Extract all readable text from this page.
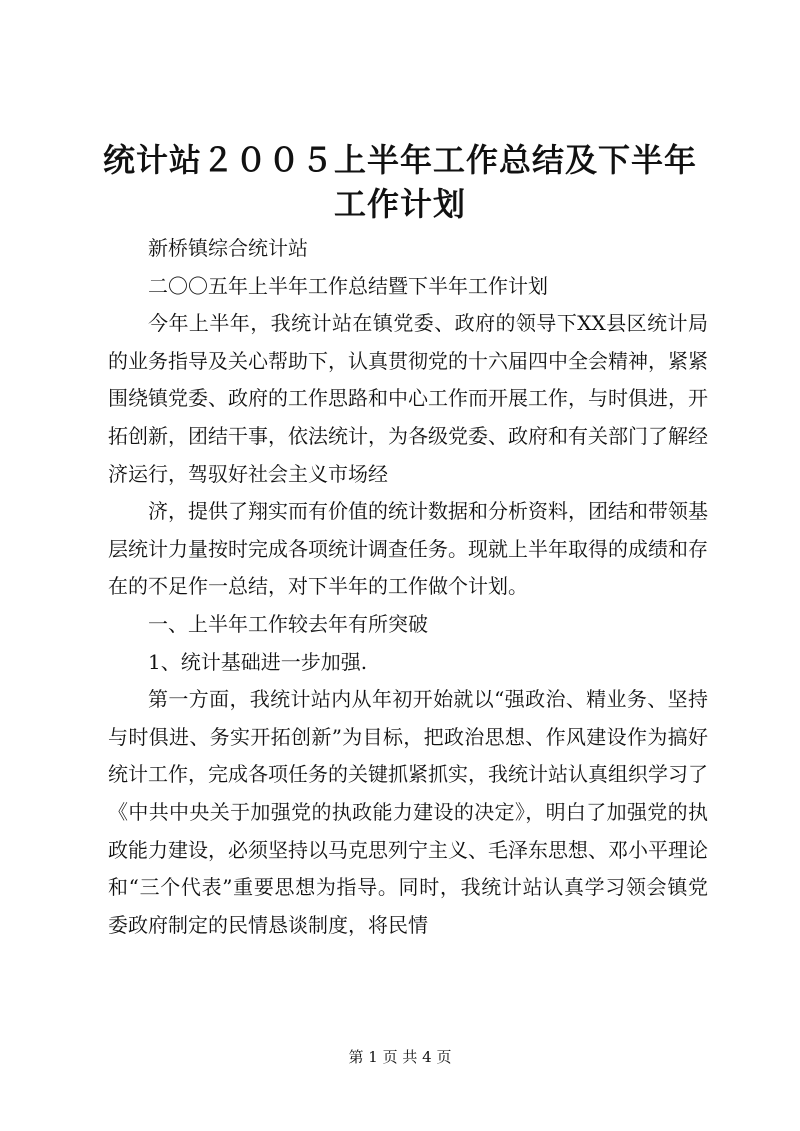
统计站２００５上半年工作总结及下半年工作计划

新桥镇综合统计站

二〇〇五年上半年工作总结暨下半年工作计划

今年上半年，我统计站在镇党委、政府的领导下XX县区统计局的业务指导及关心帮助下，认真贯彻党的十六届四中全会精神，紧紧围绕镇党委、政府的工作思路和中心工作而开展工作，与时俱进，开拓创新，团结干事，依法统计，为各级党委、政府和有关部门了解经济运行，驾驭好社会主义市场经

济，提供了翔实而有价值的统计数据和分析资料，团结和带领基层统计力量按时完成各项统计调查任务。现就上半年取得的成绩和存在的不足作一总结，对下半年的工作做个计划。

一、上半年工作较去年有所突破

1、统计基础进一步加强.

第一方面，我统计站内从年初开始就以“强政治、精业务、坚持与时俱进、务实开拓创新”为目标，把政治思想、作风建设作为搞好统计工作，完成各项任务的关键抓紧抓实，我统计站认真组织学习了《中共中央关于加强党的执政能力建设的决定》，明白了加强党的执政能力建设，必须坚持以马克思列宁主义、毛泽东思想、邓小平理论和“三个代表”重要思想为指导。同时，我统计站认真学习领会镇党委政府制定的民情恳谈制度，将民情

第 1 页 共 4 页
